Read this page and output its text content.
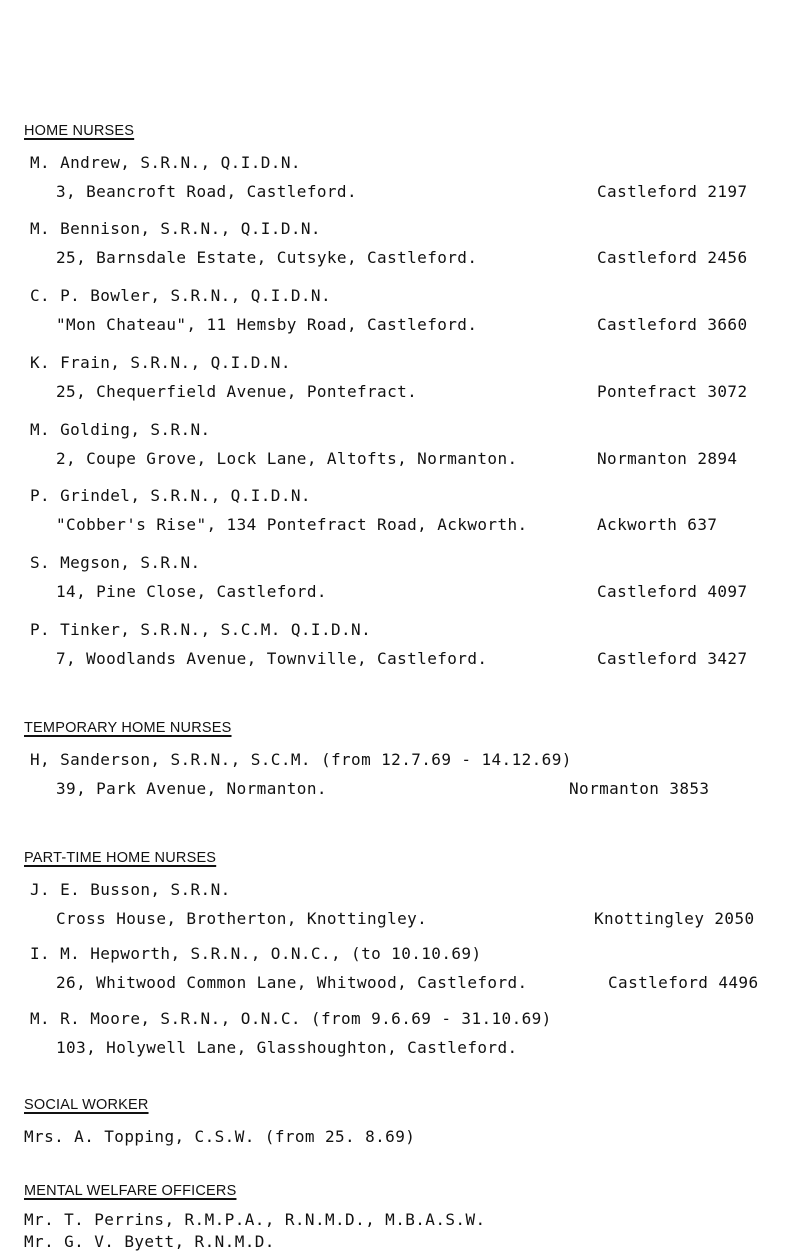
HOME NURSES
M. Andrew, S.R.N., Q.I.D.N.
3, Beancroft Road, Castleford.	Castleford 2197
M. Bennison, S.R.N., Q.I.D.N.
25, Barnsdale Estate, Cutsyke, Castleford.	Castleford 2456
C. P. Bowler, S.R.N., Q.I.D.N.
"Mon Chateau", 11 Hemsby Road, Castleford.	Castleford 3660
K. Frain, S.R.N., Q.I.D.N.
25, Chequerfield Avenue, Pontefract.	Pontefract 3072
M. Golding, S.R.N.
2, Coupe Grove, Lock Lane, Altofts, Normanton.	Normanton 2894
P. Grindel, S.R.N., Q.I.D.N.
"Cobber's Rise", 134 Pontefract Road, Ackworth.	Ackworth 637
S. Megson, S.R.N.
14, Pine Close, Castleford.	Castleford 4097
P. Tinker, S.R.N., S.C.M. Q.I.D.N.
7, Woodlands Avenue, Townville, Castleford.	Castleford 3427
TEMPORARY HOME NURSES
H, Sanderson, S.R.N., S.C.M. (from 12.7.69 - 14.12.69)
39, Park Avenue, Normanton.	Normanton 3853
PART-TIME HOME NURSES
J. E. Busson, S.R.N.
Cross House, Brotherton, Knottingley.	Knottingley 2050
I. M. Hepworth, S.R.N., O.N.C., (to 10.10.69)
26, Whitwood Common Lane, Whitwood, Castleford.	Castleford 4496
M. R. Moore, S.R.N., O.N.C. (from 9.6.69 - 31.10.69)
103, Holywell Lane, Glasshoughton, Castleford.
SOCIAL WORKER
Mrs. A. Topping, C.S.W. (from 25. 8.69)
MENTAL WELFARE OFFICERS
Mr. T. Perrins, R.M.P.A., R.N.M.D., M.B.A.S.W.
Mr. G. V. Byett, R.N.M.D.
